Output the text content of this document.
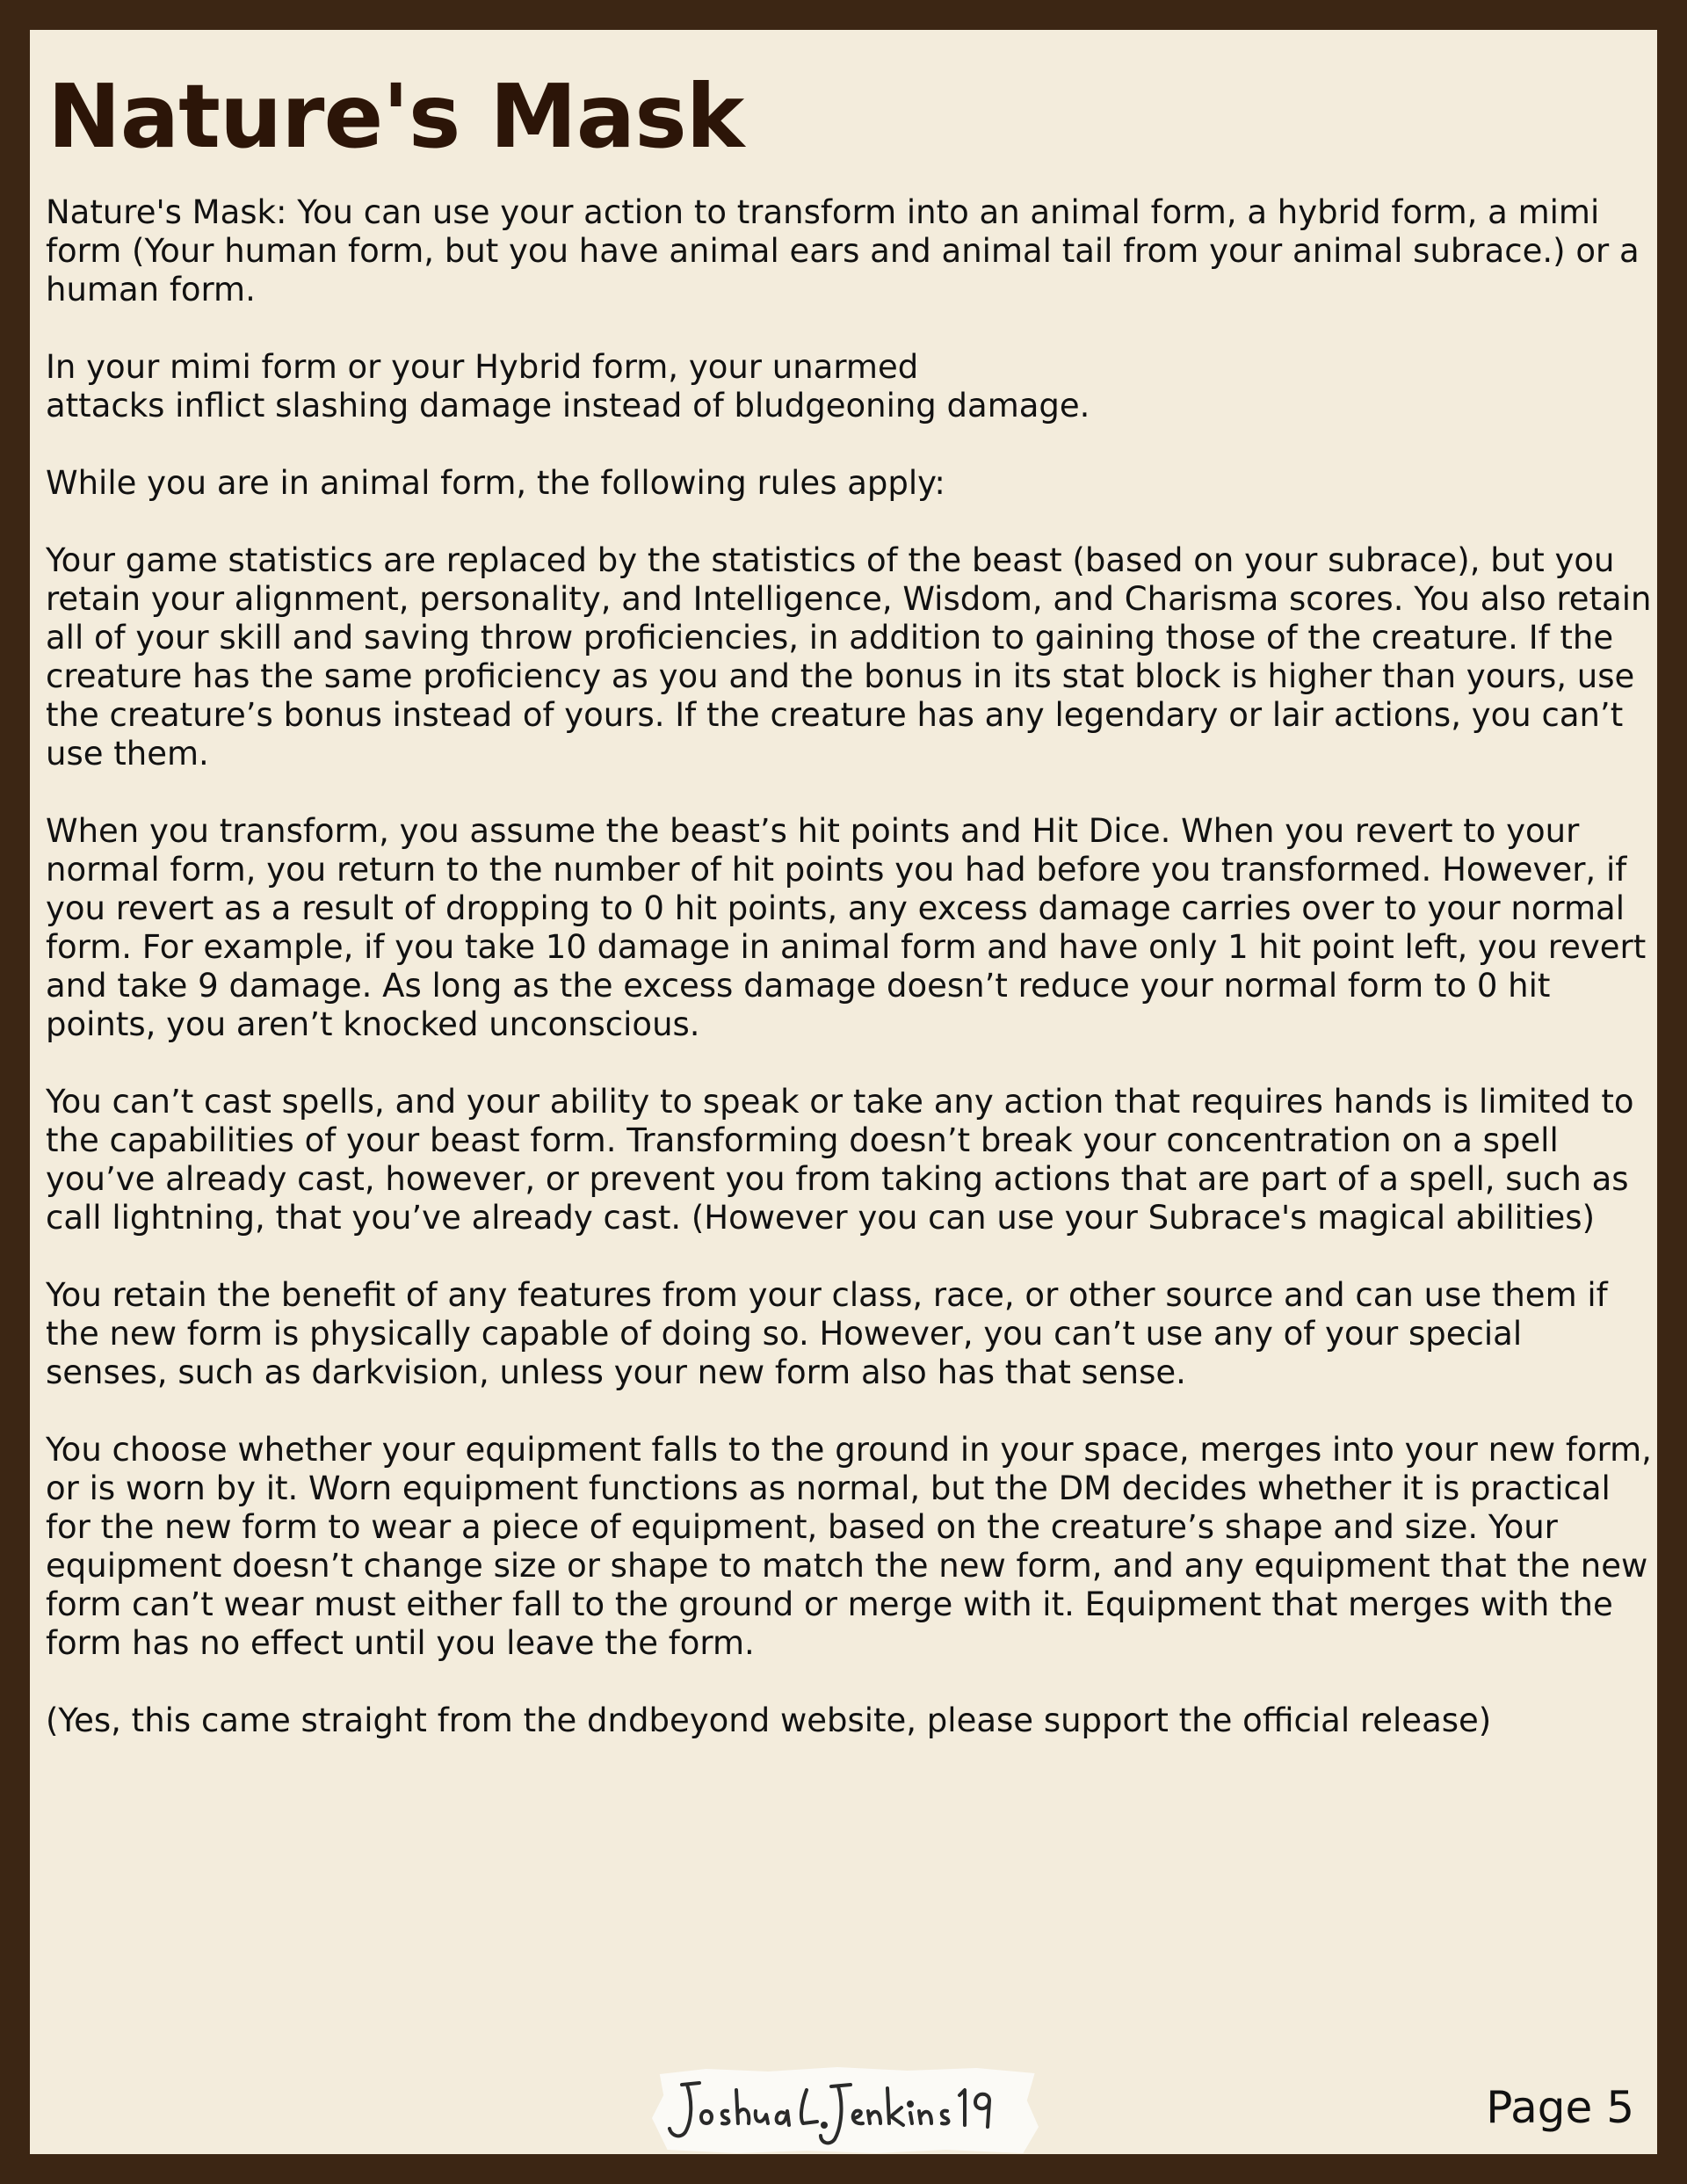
Nature's Mask

Nature's Mask: You can use your action to transform into an animal form, a hybrid form, a mimi form (Your human form, but you have animal ears and animal tail from your animal subrace.) or a human form.

In your mimi form or your Hybrid form, your unarmed
attacks inflict slashing damage instead of bludgeoning damage.

While you are in animal form, the following rules apply:

Your game statistics are replaced by the statistics of the beast (based on your subrace), but you retain your alignment, personality, and Intelligence, Wisdom, and Charisma scores. You also retain all of your skill and saving throw proficiencies, in addition to gaining those of the creature. If the creature has the same proficiency as you and the bonus in its stat block is higher than yours, use the creature’s bonus instead of yours. If the creature has any legendary or lair actions, you can’t use them.

When you transform, you assume the beast’s hit points and Hit Dice. When you revert to your normal form, you return to the number of hit points you had before you transformed. However, if you revert as a result of dropping to 0 hit points, any excess damage carries over to your normal form. For example, if you take 10 damage in animal form and have only 1 hit point left, you revert and take 9 damage. As long as the excess damage doesn’t reduce your normal form to 0 hit points, you aren’t knocked unconscious.

You can’t cast spells, and your ability to speak or take any action that requires hands is limited to the capabilities of your beast form. Transforming doesn’t break your concentration on a spell you’ve already cast, however, or prevent you from taking actions that are part of a spell, such as call lightning, that you’ve already cast. (However you can use your Subrace's magical abilities)

You retain the benefit of any features from your class, race, or other source and can use them if the new form is physically capable of doing so. However, you can’t use any of your special senses, such as darkvision, unless your new form also has that sense.

You choose whether your equipment falls to the ground in your space, merges into your new form, or is worn by it. Worn equipment functions as normal, but the DM decides whether it is practical for the new form to wear a piece of equipment, based on the creature’s shape and size. Your equipment doesn’t change size or shape to match the new form, and any equipment that the new form can’t wear must either fall to the ground or merge with it. Equipment that merges with the form has no effect until you leave the form.

(Yes, this came straight from the dndbeyond website, please support the official release)

Page 5
